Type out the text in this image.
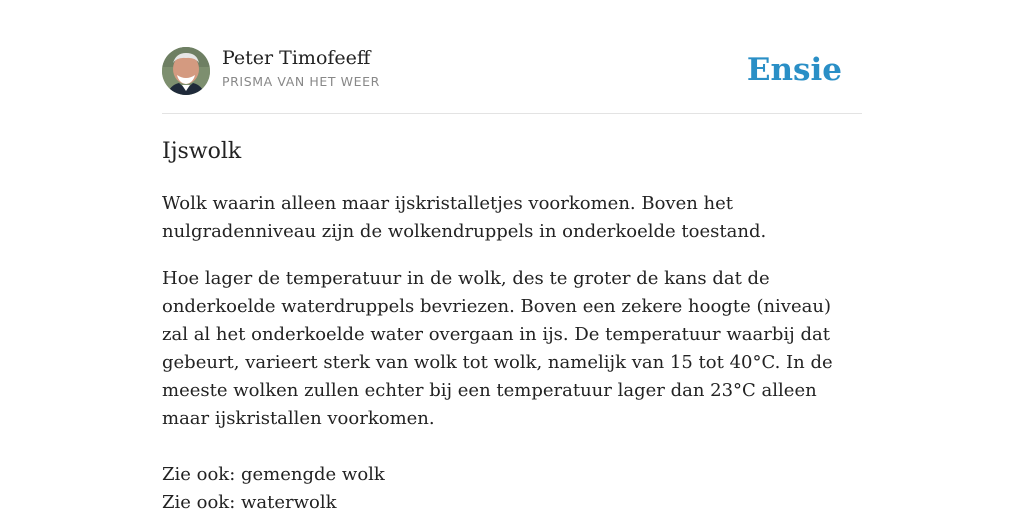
Peter Timofeeff
PRISMA VAN HET WEER	Ensie
Ijswolk

Wolk waarin alleen maar ijskristalletjes voorkomen. Boven het nulgradenniveau zijn de wolkendruppels in onderkoelde toestand.

Hoe lager de temperatuur in de wolk, des te groter de kans dat de onderkoelde waterdruppels bevriezen. Boven een zekere hoogte (niveau) zal al het onderkoelde water overgaan in ijs. De temperatuur waarbij dat gebeurt, varieert sterk van wolk tot wolk, namelijk van 15 tot 40°C. In de meeste wolken zullen echter bij een temperatuur lager dan 23°C alleen maar ijskristallen voorkomen.

Zie ook: gemengde wolk
Zie ook: waterwolk
